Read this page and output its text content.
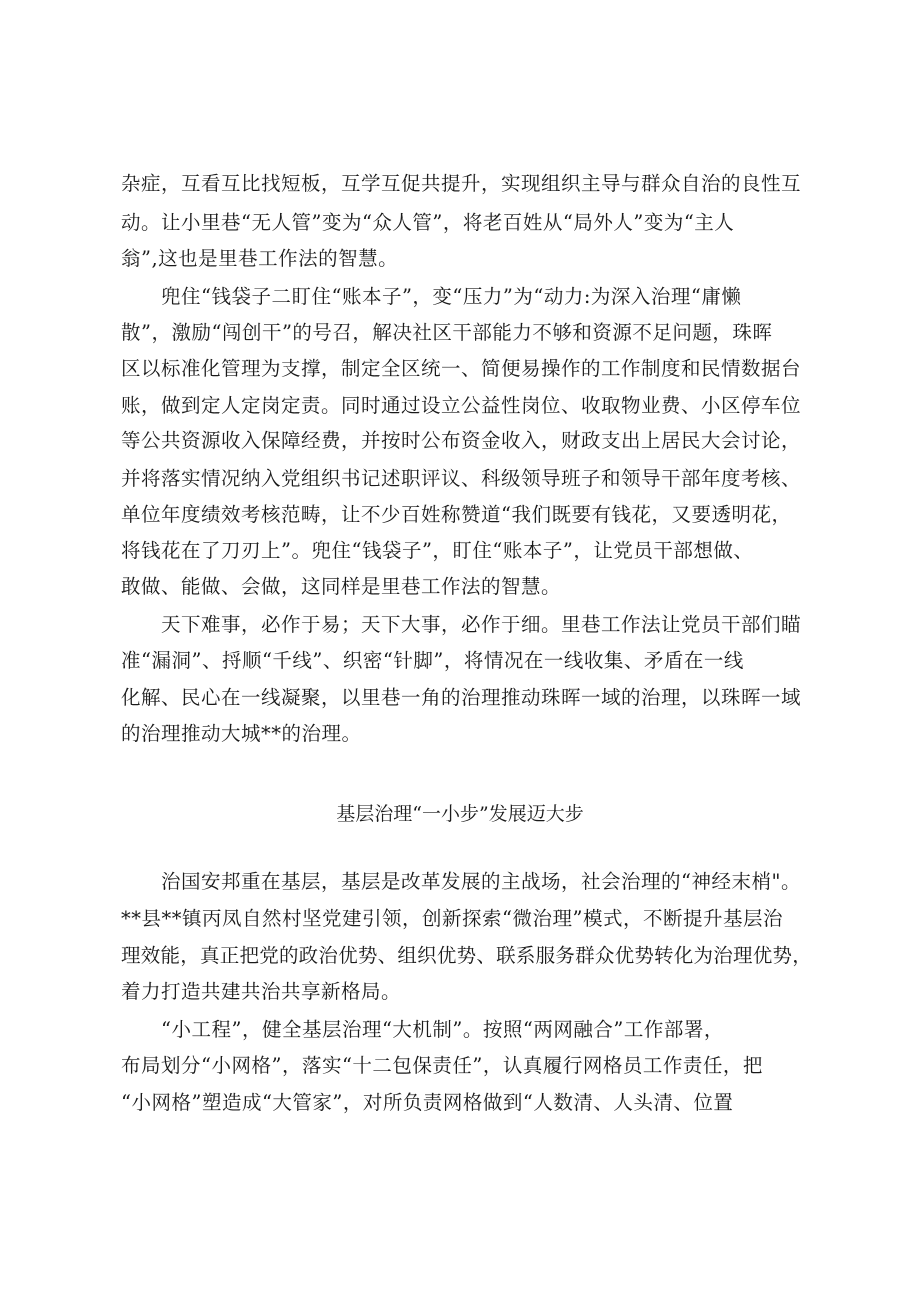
杂症，互看互比找短板，互学互促共提升，实现组织主导与群众自治的良性互
动。让小里巷“无人管”变为“众人管”，将老百姓从“局外人”变为“主人
翁”,这也是里巷工作法的智慧。
兜住“钱袋子二盯住“账本子”，变“压力”为“动力:为深入治理“庸懒
散”，激励“闯创干”的号召，解决社区干部能力不够和资源不足问题，珠晖
区以标准化管理为支撑，制定全区统一、简便易操作的工作制度和民情数据台
账，做到定人定岗定责。同时通过设立公益性岗位、收取物业费、小区停车位
等公共资源收入保障经费，并按时公布资金收入，财政支出上居民大会讨论，
并将落实情况纳入党组织书记述职评议、科级领导班子和领导干部年度考核、
单位年度绩效考核范畴，让不少百姓称赞道“我们既要有钱花，又要透明花，
将钱花在了刀刃上”。兜住“钱袋子”，盯住“账本子”，让党员干部想做、
敢做、能做、会做，这同样是里巷工作法的智慧。
天下难事，必作于易；天下大事，必作于细。里巷工作法让党员干部们瞄
准“漏洞”、捋顺“千线”、织密“针脚”，将情况在一线收集、矛盾在一线
化解、民心在一线凝聚，以里巷一角的治理推动珠晖一域的治理，以珠晖一域
的治理推动大城**的治理。
基层治理“一小步”发展迈大步
治国安邦重在基层，基层是改革发展的主战场，社会治理的“神经末梢"。
**县**镇丙凤自然村坚党建引领，创新探索“微治理”模式，不断提升基层治
理效能，真正把党的政治优势、组织优势、联系服务群众优势转化为治理优势，
着力打造共建共治共享新格局。
“小工程”，健全基层治理“大机制”。按照“两网融合”工作部署，
布局划分“小网格”，落实“十二包保责任”，认真履行网格员工作责任，把
“小网格”塑造成“大管家”，对所负责网格做到“人数清、人头清、位置
